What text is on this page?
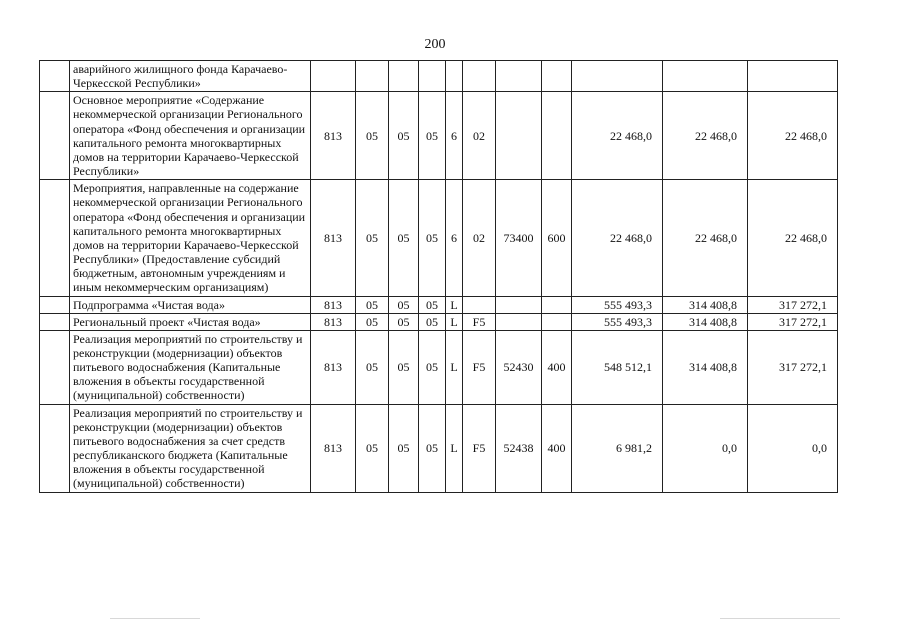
200
	аварийного жилищного фонда Карачаево-Черкесской Республики»											
	Основное мероприятие «Содержание некоммерческой организации Регионального оператора «Фонд обеспечения и организации капитального ремонта многоквартирных домов на территории Карачаево-Черкесской Республики»	813	05	05	05	6	02			22 468,0	22 468,0	22 468,0
	Мероприятия, направленные на содержание некоммерческой организации Регионального оператора «Фонд обеспечения и организации капитального ремонта многоквартирных домов на территории Карачаево-Черкесской Республики» (Предоставление субсидий бюджетным, автономным учреждениям и иным некоммерческим организациям)	813	05	05	05	6	02	73400	600	22 468,0	22 468,0	22 468,0
	Подпрограмма «Чистая вода»	813	05	05	05	L				555 493,3	314 408,8	317 272,1
	Региональный проект «Чистая вода»	813	05	05	05	L	F5			555 493,3	314 408,8	317 272,1
	Реализация мероприятий по строительству и реконструкции (модернизации) объектов питьевого водоснабжения (Капитальные вложения в объекты государственной (муниципальной) собственности)	813	05	05	05	L	F5	52430	400	548 512,1	314 408,8	317 272,1
	Реализация мероприятий по строительству и реконструкции (модернизации) объектов питьевого водоснабжения за счет средств республиканского бюджета (Капитальные вложения в объекты государственной (муниципальной) собственности)	813	05	05	05	L	F5	52438	400	6 981,2	0,0	0,0
